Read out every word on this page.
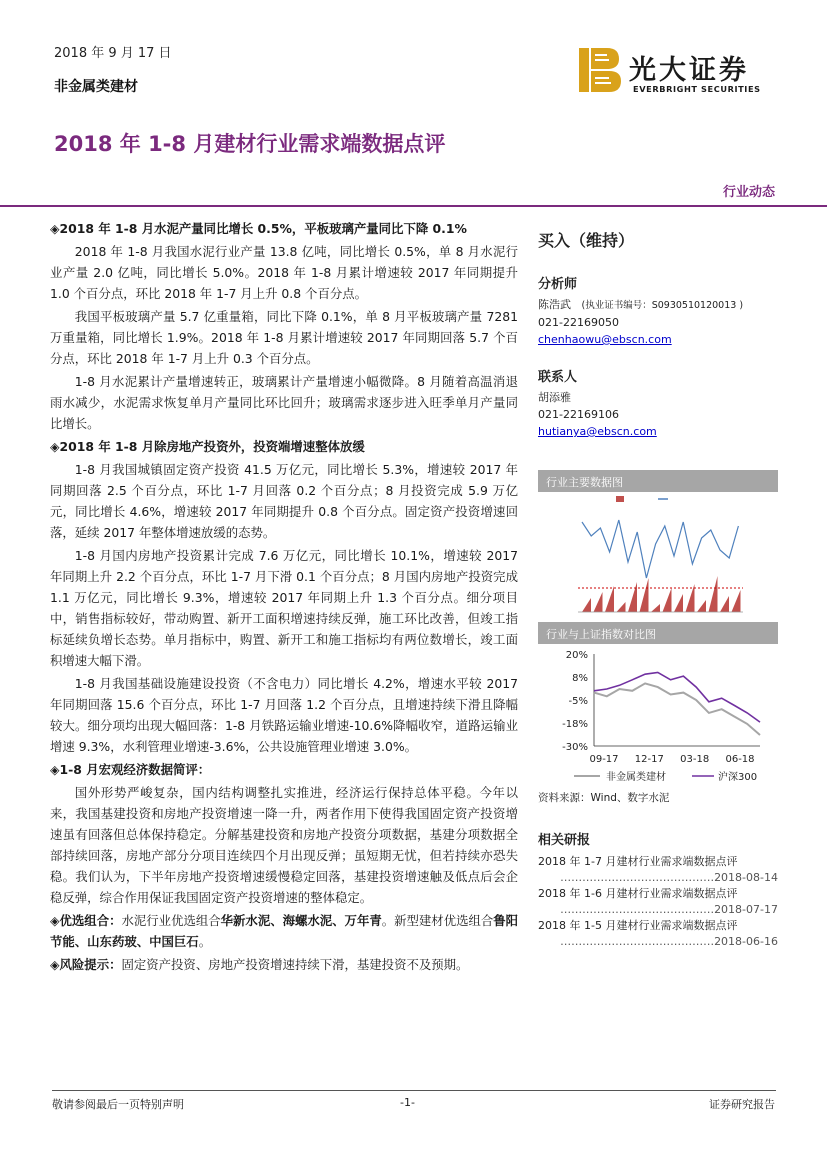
2018 年 9 月 17 日
非金属类建材
光大证券
EVERBRIGHT SECURITIES
2018 年 1-8 月建材行业需求端数据点评
行业动态

◈2018 年 1-8 月水泥产量同比增长 0.5%，平板玻璃产量同比下降 0.1%

2018 年 1-8 月我国水泥行业产量 13.8 亿吨，同比增长 0.5%，单 8 月水泥行业产量 2.0 亿吨，同比增长 5.0%。2018 年 1-8 月累计增速较 2017 年同期提升 1.0 个百分点，环比 2018 年 1-7 月上升 0.8 个百分点。

我国平板玻璃产量 5.7 亿重量箱，同比下降 0.1%，单 8 月平板玻璃产量 7281 万重量箱，同比增长 1.9%。2018 年 1-8 月累计增速较 2017 年同期回落 5.7 个百分点，环比 2018 年 1-7 月上升 0.3 个百分点。

1-8 月水泥累计产量增速转正，玻璃累计产量增速小幅微降。8 月随着高温消退雨水减少，水泥需求恢复单月产量同比环比回升；玻璃需求逐步进入旺季单月产量同比增长。

◈2018 年 1-8 月除房地产投资外，投资端增速整体放缓

1-8 月我国城镇固定资产投资 41.5 万亿元，同比增长 5.3%，增速较 2017 年同期回落 2.5 个百分点，环比 1-7 月回落 0.2 个百分点；8 月投资完成 5.9 万亿元，同比增长 4.6%，增速较 2017 年同期提升 0.8 个百分点。固定资产投资增速回落，延续 2017 年整体增速放缓的态势。

1-8 月国内房地产投资累计完成 7.6 万亿元，同比增长 10.1%，增速较 2017 年同期上升 2.2 个百分点，环比 1-7 月下滑 0.1 个百分点；8 月国内房地产投资完成 1.1 万亿元，同比增长 9.3%，增速较 2017 年同期上升 1.3 个百分点。细分项目中，销售指标较好，带动购置、新开工面积增速持续反弹，施工环比改善，但竣工指标延续负增长态势。单月指标中，购置、新开工和施工指标均有两位数增长，竣工面积增速大幅下滑。

1-8 月我国基础设施建设投资（不含电力）同比增长 4.2%，增速水平较 2017 年同期回落 15.6 个百分点，环比 1-7 月回落 1.2 个百分点，且增速持续下滑且降幅较大。细分项均出现大幅回落：1-8 月铁路运输业增速-10.6%降幅收窄，道路运输业增速 9.3%，水利管理业增速-3.6%，公共设施管理业增速 3.0%。

◈1-8 月宏观经济数据简评：

国外形势严峻复杂，国内结构调整扎实推进，经济运行保持总体平稳。今年以来，我国基建投资和房地产投资增速一降一升，两者作用下使得我国固定资产投资增速虽有回落但总体保持稳定。分解基建投资和房地产投资分项数据，基建分项数据全部持续回落，房地产部分分项目连续四个月出现反弹；虽短期无忧，但若持续亦恐失稳。我们认为，下半年房地产投资增速缓慢稳定回落，基建投资增速触及低点后会企稳反弹，综合作用保证我国固定资产投资增速的整体稳定。

◈优选组合：水泥行业优选组合华新水泥、海螺水泥、万年青。新型建材优选组合鲁阳节能、山东药玻、中国巨石。

◈风险提示：固定资产投资、房地产投资增速持续下滑，基建投资不及预期。

买入（维持）
分析师
陈浩武 (执业证书编号：S0930510120013 )
021-22169050
chenhaowu@ebscn.com
联系人
胡添雅
021-22169106
hutianya@ebscn.com
行业主要数据图
行业与上证指数对比图
20%
8%
-5%
-18%
-30%
09-17 12-17 03-18 06-18
非金属类建材	沪深300
资料来源：Wind、数字水泥
相关研报
2018 年 1-7 月建材行业需求端数据点评
……………………………………2018-08-14
2018 年 1-6 月建材行业需求端数据点评
……………………………………2018-07-17
2018 年 1-5 月建材行业需求端数据点评
……………………………………2018-06-16
敬请参阅最后一页特别声明	-1-	证券研究报告
